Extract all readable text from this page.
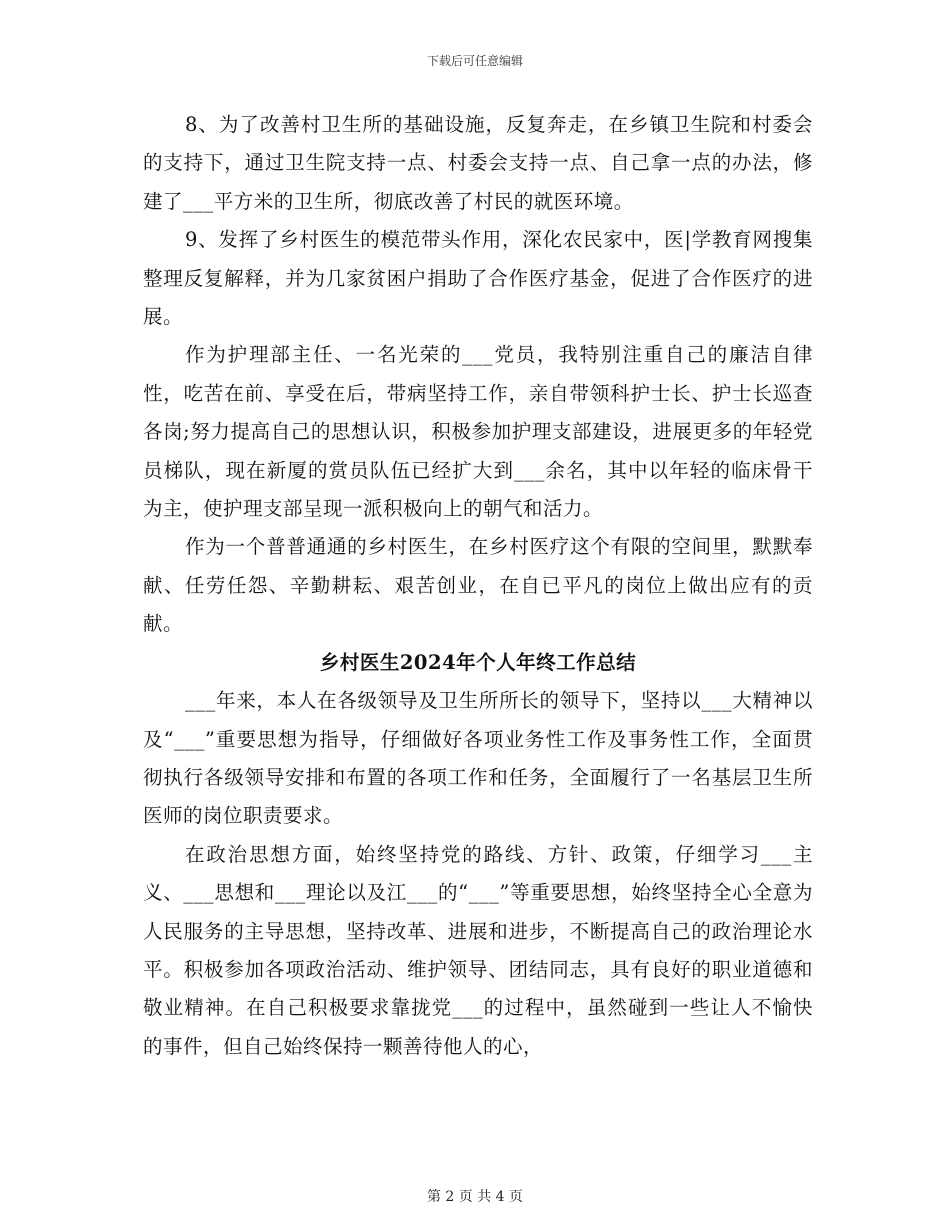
下载后可任意编辑

8、为了改善村卫生所的基础设施，反复奔走，在乡镇卫生院和村委会的支持下，通过卫生院支持一点、村委会支持一点、自己拿一点的办法，修建了___平方米的卫生所，彻底改善了村民的就医环境。

9、发挥了乡村医生的模范带头作用，深化农民家中，医|学教育网搜集整理反复解释，并为几家贫困户捐助了合作医疗基金，促进了合作医疗的进展。

作为护理部主任、一名光荣的___党员，我特别注重自己的廉洁自律性，吃苦在前、享受在后，带病坚持工作，亲自带领科护士长、护士长巡查各岗;努力提高自己的思想认识，积极参加护理支部建设，进展更多的年轻党员梯队，现在新厦的赏员队伍已经扩大到___余名，其中以年轻的临床骨干为主，使护理支部呈现一派积极向上的朝气和活力。

作为一个普普通通的乡村医生，在乡村医疗这个有限的空间里，默默奉献、任劳任怨、辛勤耕耘、艰苦创业，在自已平凡的岗位上做出应有的贡献。

乡村医生2024年个人年终工作总结

___年来，本人在各级领导及卫生所所长的领导下，坚持以___大精神以及“___”重要思想为指导，仔细做好各项业务性工作及事务性工作，全面贯彻执行各级领导安排和布置的各项工作和任务，全面履行了一名基层卫生所医师的岗位职责要求。

在政治思想方面，始终坚持党的路线、方针、政策，仔细学习___主义、___思想和___理论以及江___的“___”等重要思想，始终坚持全心全意为人民服务的主导思想，坚持改革、进展和进步，不断提高自己的政治理论水平。积极参加各项政治活动、维护领导、团结同志，具有良好的职业道德和敬业精神。在自己积极要求靠拢党___的过程中，虽然碰到一些让人不愉快的事件，但自己始终保持一颗善待他人的心，

第 2 页 共 4 页
